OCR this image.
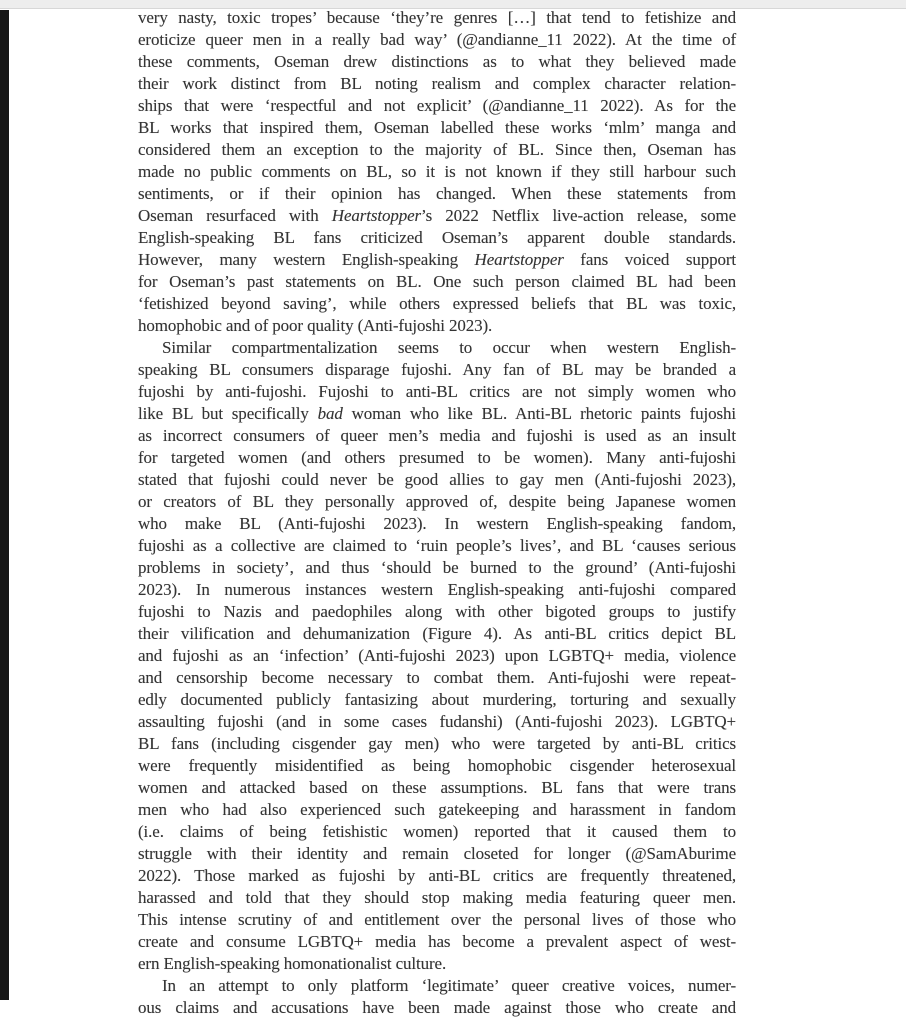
very nasty, toxic tropes’ because ‘they’re genres […] that tend to fetishize and
eroticize queer men in a really bad way’ (@andianne_11 2022). At the time of
these comments, Oseman drew distinctions as to what they believed made
their work distinct from BL noting realism and complex character relation-
ships that were ‘respectful and not explicit’ (@andianne_11 2022). As for the
BL works that inspired them, Oseman labelled these works ‘mlm’ manga and
considered them an exception to the majority of BL. Since then, Oseman has
made no public comments on BL, so it is not known if they still harbour such
sentiments, or if their opinion has changed. When these statements from
Oseman resurfaced with Heartstopper’s 2022 Netflix live-action release, some
English-speaking BL fans criticized Oseman’s apparent double standards.
However, many western English-speaking Heartstopper fans voiced support
for Oseman’s past statements on BL. One such person claimed BL had been
‘fetishized beyond saving’, while others expressed beliefs that BL was toxic,
homophobic and of poor quality (Anti-fujoshi 2023).
Similar compartmentalization seems to occur when western English-
speaking BL consumers disparage fujoshi. Any fan of BL may be branded a
fujoshi by anti-fujoshi. Fujoshi to anti-BL critics are not simply women who
like BL but specifically bad woman who like BL. Anti-BL rhetoric paints fujoshi
as incorrect consumers of queer men’s media and fujoshi is used as an insult
for targeted women (and others presumed to be women). Many anti-fujoshi
stated that fujoshi could never be good allies to gay men (Anti-fujoshi 2023),
or creators of BL they personally approved of, despite being Japanese women
who make BL (Anti-fujoshi 2023). In western English-speaking fandom,
fujoshi as a collective are claimed to ‘ruin people’s lives’, and BL ‘causes serious
problems in society’, and thus ‘should be burned to the ground’ (Anti-fujoshi
2023). In numerous instances western English-speaking anti-fujoshi compared
fujoshi to Nazis and paedophiles along with other bigoted groups to justify
their vilification and dehumanization (Figure 4). As anti-BL critics depict BL
and fujoshi as an ‘infection’ (Anti-fujoshi 2023) upon LGBTQ+ media, violence
and censorship become necessary to combat them. Anti-fujoshi were repeat-
edly documented publicly fantasizing about murdering, torturing and sexually
assaulting fujoshi (and in some cases fudanshi) (Anti-fujoshi 2023). LGBTQ+
BL fans (including cisgender gay men) who were targeted by anti-BL critics
were frequently misidentified as being homophobic cisgender heterosexual
women and attacked based on these assumptions. BL fans that were trans
men who had also experienced such gatekeeping and harassment in fandom
(i.e. claims of being fetishistic women) reported that it caused them to
struggle with their identity and remain closeted for longer (@SamAburime
2022). Those marked as fujoshi by anti-BL critics are frequently threatened,
harassed and told that they should stop making media featuring queer men.
This intense scrutiny of and entitlement over the personal lives of those who
create and consume LGBTQ+ media has become a prevalent aspect of west-
ern English-speaking homonationalist culture.
In an attempt to only platform ‘legitimate’ queer creative voices, numer-
ous claims and accusations have been made against those who create and
